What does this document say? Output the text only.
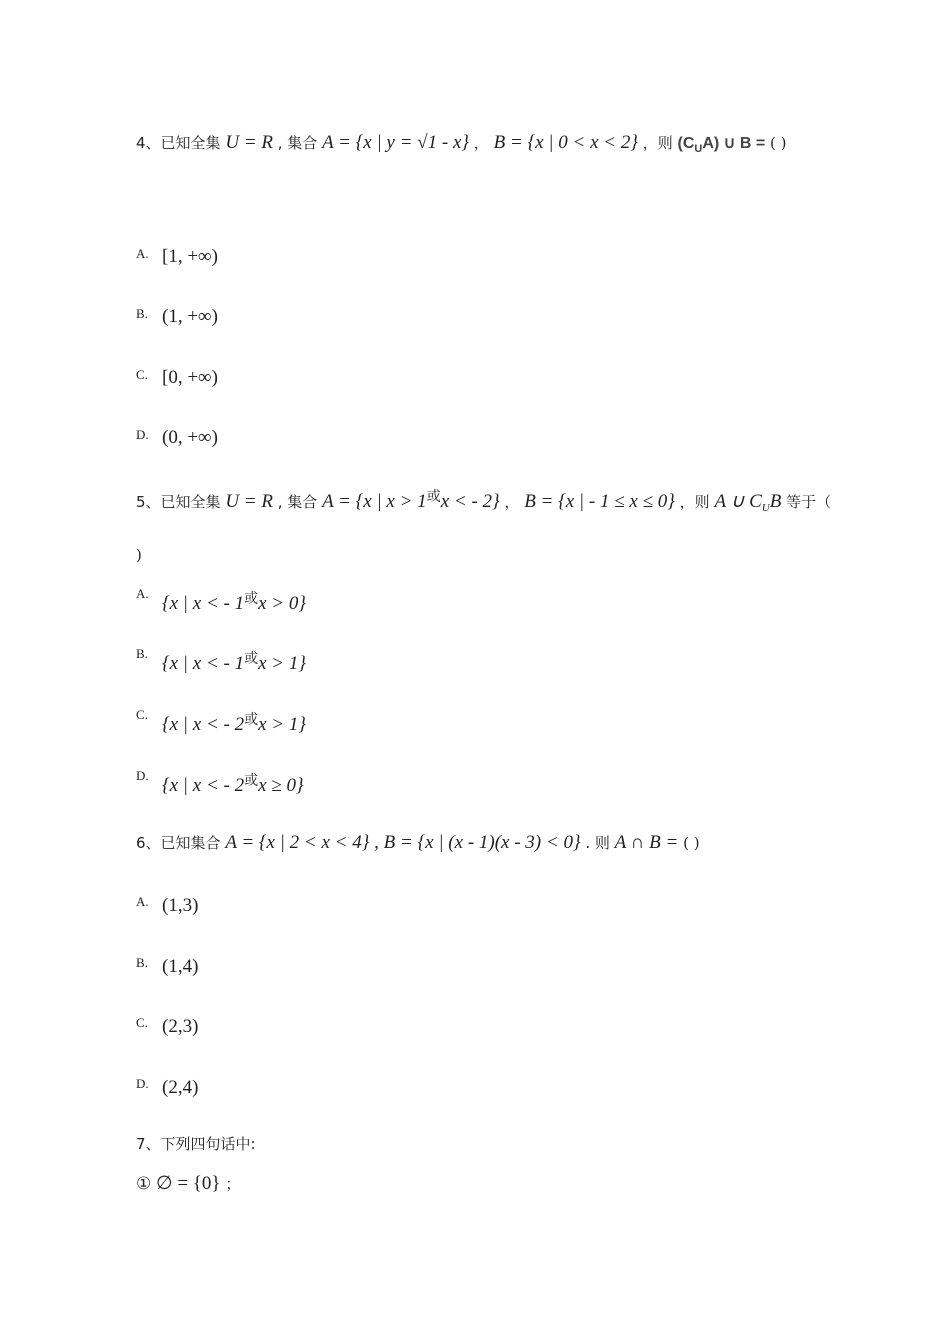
4、已知全集 U = R , 集合 A = {x | y = √1 - x} ， B = {x | 0 < x < 2} ，则 $(C_UA)$ ∪ B = ( )
A. [1, +∞)
B. (1, +∞)
C. [0, +∞)
D. (0, +∞)
5、已知全集 U = R , 集合 A = {x | x > 1或x < - 2} ， B = {x | - 1 ≤ x ≤ 0} ，则 A ∪ $C_UB$ 等于（
)
A. {x | x < - $1^或x > 0$}
B. {x | x < - $1^或x > 1$}
C. {x | x < - $2^或x > 1$}
D. {x | x < - $2^或x \ge 0$}
6、已知集合 A = {x | 2 < x < 4} , B = {x | (x - 1)(x - 3) < 0} . 则 A ∩ B = ( )
A. (1,3)
B. (1,4)
C. (2,3)
D. (2,4)
7、下列四句话中:
① ∅ = {0} ；
